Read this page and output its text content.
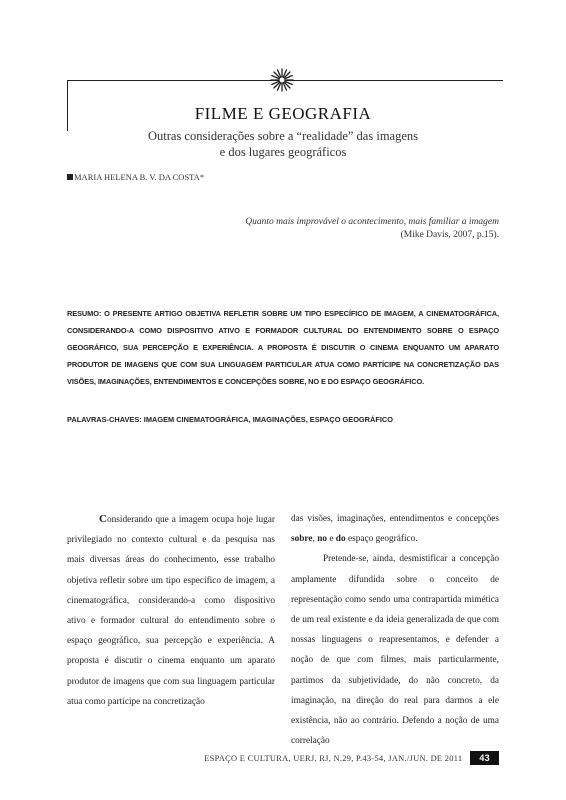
FILME E GEOGRAFIA
Outras considerações sobre a “realidade” das imagens
e dos lugares geográficos
MARIA HELENA B. V. DA COSTA*
Quanto mais improvável o acontecimento, mais familiar a imagem
(Mike Davis, 2007, p.15).
RESUMO: O PRESENTE ARTIGO OBJETIVA REFLETIR SOBRE UM TIPO ESPECÍFICO DE IMAGEM, A CINEMATOGRÁFICA, CONSIDERANDO-A COMO DISPOSITIVO ATIVO E FORMADOR CULTURAL DO ENTENDIMENTO SOBRE O ESPAÇO GEOGRÁFICO, SUA PERCEPÇÃO E EXPERIÊNCIA. A PROPOSTA É DISCUTIR O CINEMA ENQUANTO UM APARATO PRODUTOR DE IMAGENS QUE COM SUA LINGUAGEM PARTICULAR ATUA COMO PARTÍCIPE NA CONCRETIZAÇÃO DAS VISÕES, IMAGINAÇÕES, ENTENDIMENTOS E CONCEPÇÕES SOBRE, NO E DO ESPAÇO GEOGRÁFICO.
PALAVRAS-CHAVES: IMAGEM CINEMATOGRÁFICA, IMAGINAÇÕES, ESPAÇO GEOGRÁFICO

Considerando que a imagem ocupa hoje lugar privilegiado no contexto cultural e da pesquisa nas mais diversas áreas do conhecimento, esse trabalho objetiva refletir sobre um tipo específico de imagem, a cinematográfica, considerando-a como dispositivo ativo e formador cultural do entendimento sobre o espaço geográfico, sua percepção e experiência. A proposta é discutir o cinema enquanto um aparato produtor de imagens que com sua linguagem particular atua como partícipe na concretização

das visões, imaginações, entendimentos e concepções sobre, no e do espaço geográfico.

Pretende-se, ainda, desmistificar a concepção amplamente difundida sobre o conceito de representação como sendo uma contrapartida mimética de um real existente e da ideia generalizada de que com nossas linguagens o reapresentamos, e defender a noção de que com filmes, mais particularmente, partimos da subjetividade, do não concreto, da imaginação, na direção do real para darmos a ele existência, não ao contrário. Defendo a noção de uma correlação

ESPAÇO E CULTURA, UERJ, RJ, N.29, P.43-54, JAN./JUN. DE 2011	43
